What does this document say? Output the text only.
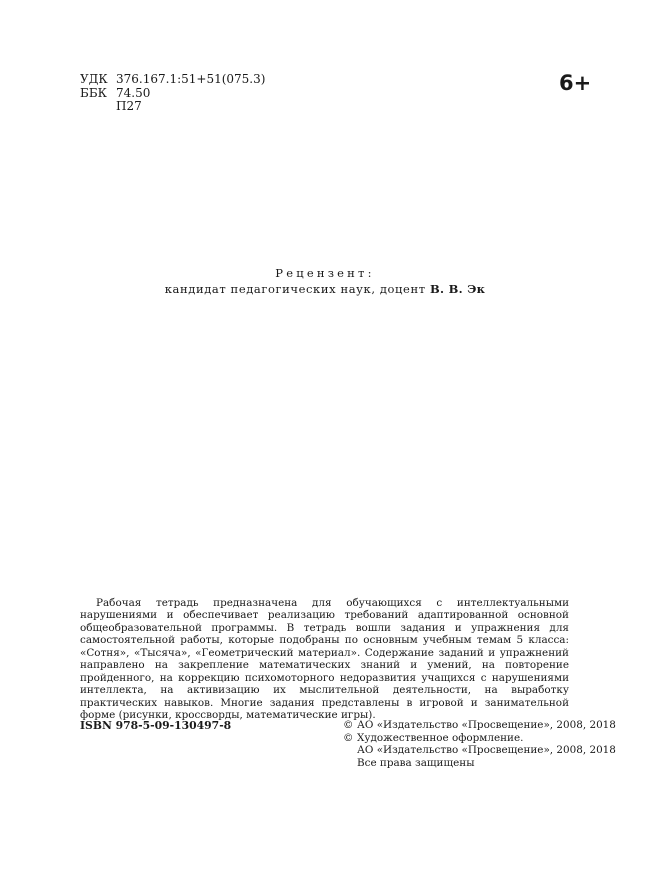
УДК 376.167.1:51+51(075.3)
ББК 74.50
П27
6+
Рецензент:
кандидат педагогических наук, доцент В. В. Эк

Рабочая тетрадь предназначена для обучающихся с интеллектуальными нарушениями и обеспечивает реализацию требований адаптированной основной общеобразовательной программы. В тетрадь вошли задания и упражнения для самостоятельной работы, которые подобраны по основным учебным темам 5 класса: «Сотня», «Тысяча», «Геометрический материал». Содержание заданий и упражнений направлено на закрепление математических знаний и умений, на повторение пройденного, на коррекцию психомоторного недоразвития учащихся с нарушениями интеллекта, на активизацию их мыслительной деятельности, на выработку практических навыков. Многие задания представлены в игровой и занимательной форме (рисунки, кроссворды, математические игры).

ISBN 978-5-09-130497-8	© АО «Издательство «Просвещение», 2008, 2018
© Художественное оформление.
АО «Издательство «Просвещение», 2008, 2018
Все права защищены
